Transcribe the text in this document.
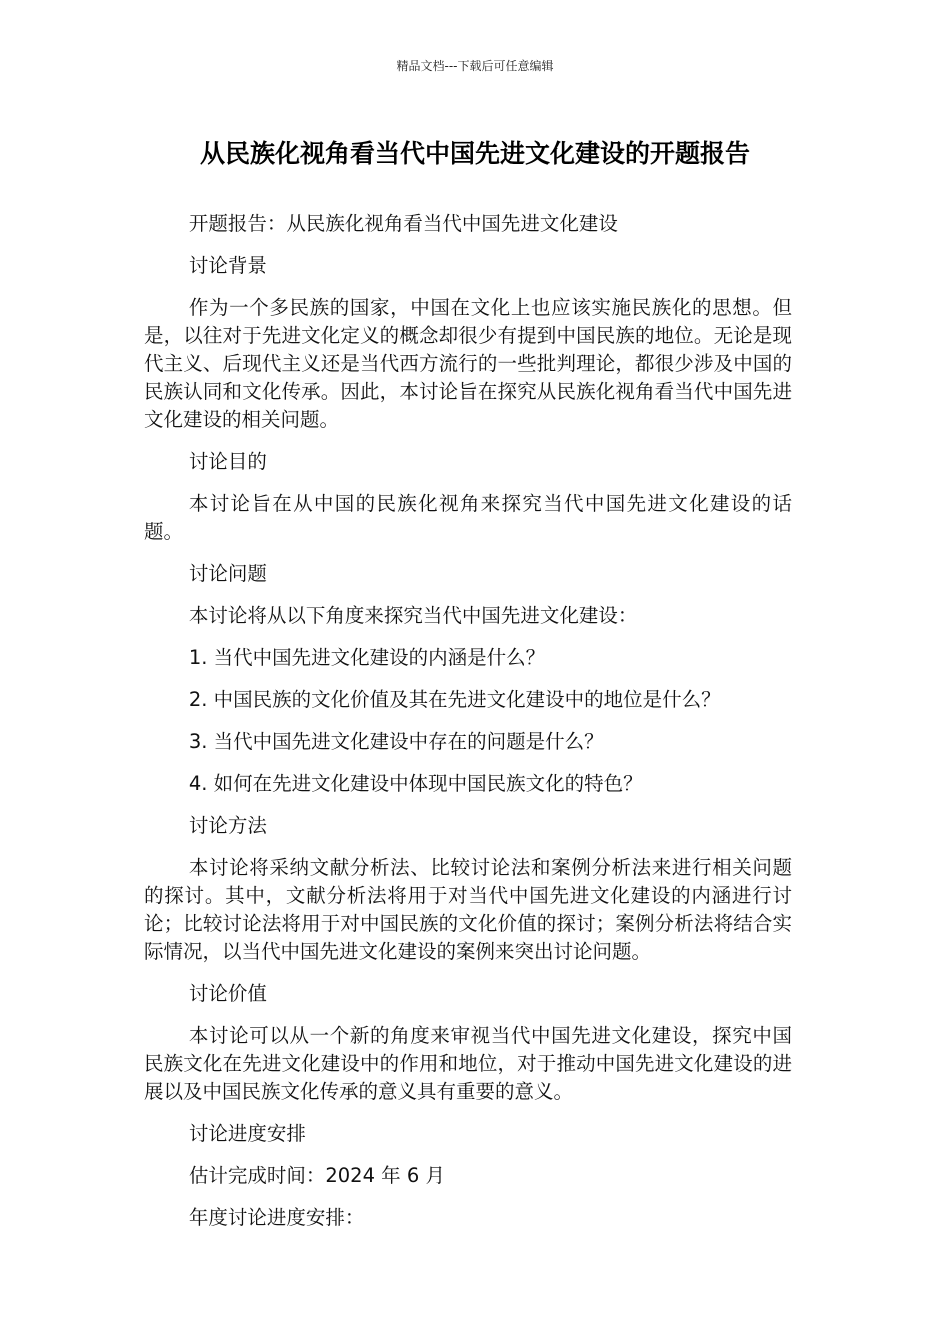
精品文档---下载后可任意编辑
从民族化视角看当代中国先进文化建设的开题报告

开题报告：从民族化视角看当代中国先进文化建设

讨论背景

作为一个多民族的国家，中国在文化上也应该实施民族化的思想。但是，以往对于先进文化定义的概念却很少有提到中国民族的地位。无论是现代主义、后现代主义还是当代西方流行的一些批判理论，都很少涉及中国的民族认同和文化传承。因此，本讨论旨在探究从民族化视角看当代中国先进文化建设的相关问题。

讨论目的

本讨论旨在从中国的民族化视角来探究当代中国先进文化建设的话题。

讨论问题

本讨论将从以下角度来探究当代中国先进文化建设：

1. 当代中国先进文化建设的内涵是什么？

2. 中国民族的文化价值及其在先进文化建设中的地位是什么？

3. 当代中国先进文化建设中存在的问题是什么？

4. 如何在先进文化建设中体现中国民族文化的特色？

讨论方法

本讨论将采纳文献分析法、比较讨论法和案例分析法来进行相关问题的探讨。其中，文献分析法将用于对当代中国先进文化建设的内涵进行讨论；比较讨论法将用于对中国民族的文化价值的探讨；案例分析法将结合实际情况，以当代中国先进文化建设的案例来突出讨论问题。

讨论价值

本讨论可以从一个新的角度来审视当代中国先进文化建设，探究中国民族文化在先进文化建设中的作用和地位，对于推动中国先进文化建设的进展以及中国民族文化传承的意义具有重要的意义。

讨论进度安排

估计完成时间：2024 年 6 月

年度讨论进度安排：
